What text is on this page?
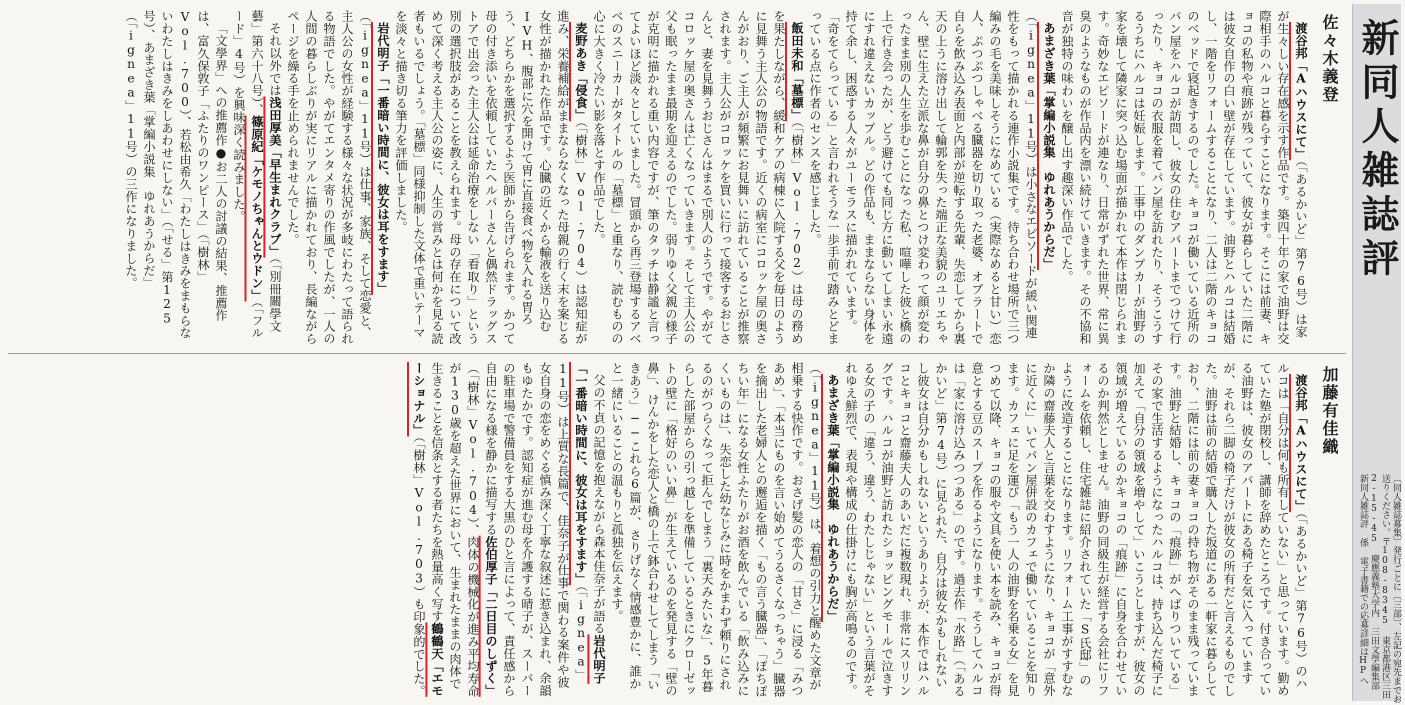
新同人雑誌評
〔同人雑誌募集〕発行ごとに〔三部〕、左記の宛先までお送りください。〒108-8345 東京都港区三田2-15-45 慶應義塾大学内 三田文學編集部 新同人雑誌評 係 電子書籍での応募詳細はHPへ
佐々木義登

渡谷邦「Aハウスにて」（「あるかいど」第76号）は家が生々しい存在感を示す作品です。築四十年の家で油野は交際相手のハルコと暮らすことになります。そこには前妻、キョコの私物や痕跡が残っていて、彼女が暮らしていた二階には彼女自作の白い壁が存在しています。油野とハルコは結婚し、一階をリフォームすることになり、二人は二階のキョコのベッドで寝起きするのでした。キョコが働いている近所のパン屋をハルコが訪問し、彼女の住むアパートまでつけて行ったり、キョコの衣服を着てパン屋を訪れたり、そうこうするうちにハルコは妊娠します。工事中のダンプカーが油野の家を壊して隣家に突っ込む場面が描かれて本作は閉じられます。奇妙なエピソードが連なり、日常がずれた世界、常に異臭のようなものが作品内を漂い続けていきます。その不協和音が独特の味わいを醸し出す趣深い作品でした。

あまざき葉「掌編小説集　ゆれあうからだ」（「ignea」11号）は小さなエピソードが緩い関連性をもって描かれる連作小説集です。待ち合わせ場所で三つ編みの毛を美味しそうになめている（実際なめると甘い）恋人、ぷつぷつしゃべる臓器を切り取った老婆、オブラートで自らを飲み込み表面と内部が逆転する先輩、失恋してから裏天の上うに溶け出して輪郭を失った端正な美貌のユリエちゃん、壁に生えた立派な鼻が自分の鼻とつけ変わって顔が変わったまま別の人生を歩むことになった私、喧嘩した彼と橋の上で行き会ったが、どう避けても同じ方に動いてしまい永遠にすれ違えないカップル。どの作品も、ままならない身体を持て余し、困惑する人々がユーモラスに描かれています。「奇をてらっている」と言われそうな一歩手前で踏みとどまっている点に作者のセンスを感じました。

飯田未和「墓標」（「樹林」Vol.702）は母の務めを果たしながら、緩和ケアの病棟に入院する父を毎日のように見舞う主人公の物語です。近くの病室にコロッケ屋の奥さんがおり、ご主人が頻繁にお見舞いに訪れていることが推察されます。主人公がコロッケを買いに行って接客するおじさんと、妻を見舞うおじさんはまるで別人のようです。やがてコロッケ屋の奥さんは亡くなっていきます。そして主人公の父も眠ったまま最期を迎えるのでした。弱りゆく父親の様子が克明に描かれる重い内容ですが、筆のタッチは静謐と言ってよいほど淡々としていました。冒頭から再三登場するアベベのスニーカーがタイトルの「墓標」と重なり、読むものの心に大きく冷たい影を落とす作品でした。

麦野あき「侵食」（「樹林」Vol.704）は認知症が進み、栄養補給がままならなくなった母親の行く末を案じる女性が描かれた作品です。心臓の近くから輸液を送り込むIVH、腹部に穴を開けて胃に直接食べ物を入れる胃ろう、どちらかを選択するよう医師から告げられます。かつて母の付き添いを依頼していたヘルパーさんと偶然ドラッグストアで出会った主人公は延命治療をしない「看取り」という別の選択肢があることを教えられます。母の存在について改めて深く考える主人公の姿に、人生の営みとは何かを見る読者もいるでしょう。「墓標」同様抑制した文体で重いテーマを淡々と描き切る筆力を評価しました。

岩代明子「一番暗い時間に、彼女は耳をすます」（「ignea」11号）は仕事、家族、そして恋愛と、主人公の女性が経験する様々な状況が多岐にわたって語られる物語でした。やがてエンタメ寄りの作風でしたが、一人の人間の暮らしぶりが実にリアルに描かれており、長編ながらページを繰る手を止められませんでした。

それ以外では浅田厚美「早生まれクラブ」（「別冊關學文藝」第六十八号）、篠原紀「ケモノちゃんとウドン」（「フルード」4号）を興味深く読みました。

「文學界」への推薦作●お二人の討議の結果、推薦作は、富久保敦子「ふたりのワンピース」（「樹林」Vol.700）、若松由希久「わたしはきみをまもらないわたしはきみをしあわせにしない」（「せる」第125号）、あまざき葉「掌編小説集　ゆれあうからだ」（「ignea」11号）の三作になりました。

加藤有佳織

渡谷邦「Aハウスにて」（「あるかいど」第76号）のハルコは「自分は何も所有していない」と思っています。勤めていた塾が閉校し、講師を辞めたところです。付き合っている油野は、彼女のアパートにある椅子を気に入っていますが、それら二脚の椅子だけが彼女の所有だと言えるものでした。油野は前の結婚で購入した坂道にある一軒家に暮らしており、二階には前の妻キョコの持ち物がそのまま残っています。油野と結婚し、キョコの「痕跡」がへばりついている」その家で生活するようになったハルコは、持ち込んだ椅子に加えて「自分の領域を増やして」いこうとしますが、彼女の領域が増えているのかキョコの「痕跡」に自身を合わせているのか判然としません。油野の同級生が経営する会社にリフォームを依頼し、住宅雑誌に紹介されていた「S氏邸」のように改造することになります。リフォーム工事がすすむなか隣の齋藤夫人と言葉を交わすようになり、キョコが「意外に近くに」いてパン屋併設のカフェで働いていることを知ります。カフェに足を運び「もう一人の油野を名乗る女」を見つめて以降、キョコの服や文具を使い本を読み、キョコが得意とする豆のスープを作るようになります。そうしてハルコは「家に溶け込みつつある」のです。過去作「水路」（「あるかいど」第74号）に見られた、自分は彼女かもしれないし彼女は自分かもしれないというありようが、本作ではハルコとキョコと齋藤夫人のあいだに複数現れ、非常にスリリングです。ハルコが油野と訪れたショッピングモールで泣きする女の子の「違う、違う、わたしじゃない」という言葉がそれゆえ鮮烈で、表現や構成の仕掛けにも胸が高鳴るのです。

あまざき葉「掌編小説集　ゆれあうからだ」（「ignea」11号）は、着想の引力と醒めた文章が相乗する快作です。おさげ髪の恋人の「甘さ」に浸る「みつあめ」、「本当にものを言い始めてうるさくなっちゃう」臓器を摘出した老婦人との邂逅を描く「もの言う臓器」、「ぽちぽちい年」になる女性ふたりがお酒を飲んでいる「飲み込みにくいものは」、失恋した幼なじみに時をかまわず頼りにされるのがつらくなって拒んでしまう「裏天みたいな」、5年暮らした部屋からの引っ越しを準備しているときにクローゼットの壁に「格好のいい鼻」が生えているのを発見する「壁の鼻」、けんかをした恋人と橋の上で鉢合わせしてしまう「いきあう」──これら6篇が、さりげなく情感豊かに、誰かと一緒にいることの温もりと孤独を伝えます。

父の不貞の記憶を抱えながら森本佳奈子が語る岩代明子「一番暗い時間に、彼女は耳をすます」（「ignea」11号）は上質な長篇で、佳奈子が仕事で関わる案件や彼女自身の恋をめぐる慎み深く丁寧な叙述に惹き込まれ、余韻もゆたかです。認知症が進む母を介護する晴子が、スーパーの駐車場で警備員をする大黒のひと言によって、責任感から自由になる様を静かに描写する佐伯厚子「二日目のしずく」（「樹林」Vol.704）、肉体の機械化が進み平均寿命が130歳を超えた世界において、生まれたままの肉体で生きることを信条とする者たちを熱量高く写す鶴鶴天「エモーショナル」（「樹林」Vol.703）も印象的でした。
